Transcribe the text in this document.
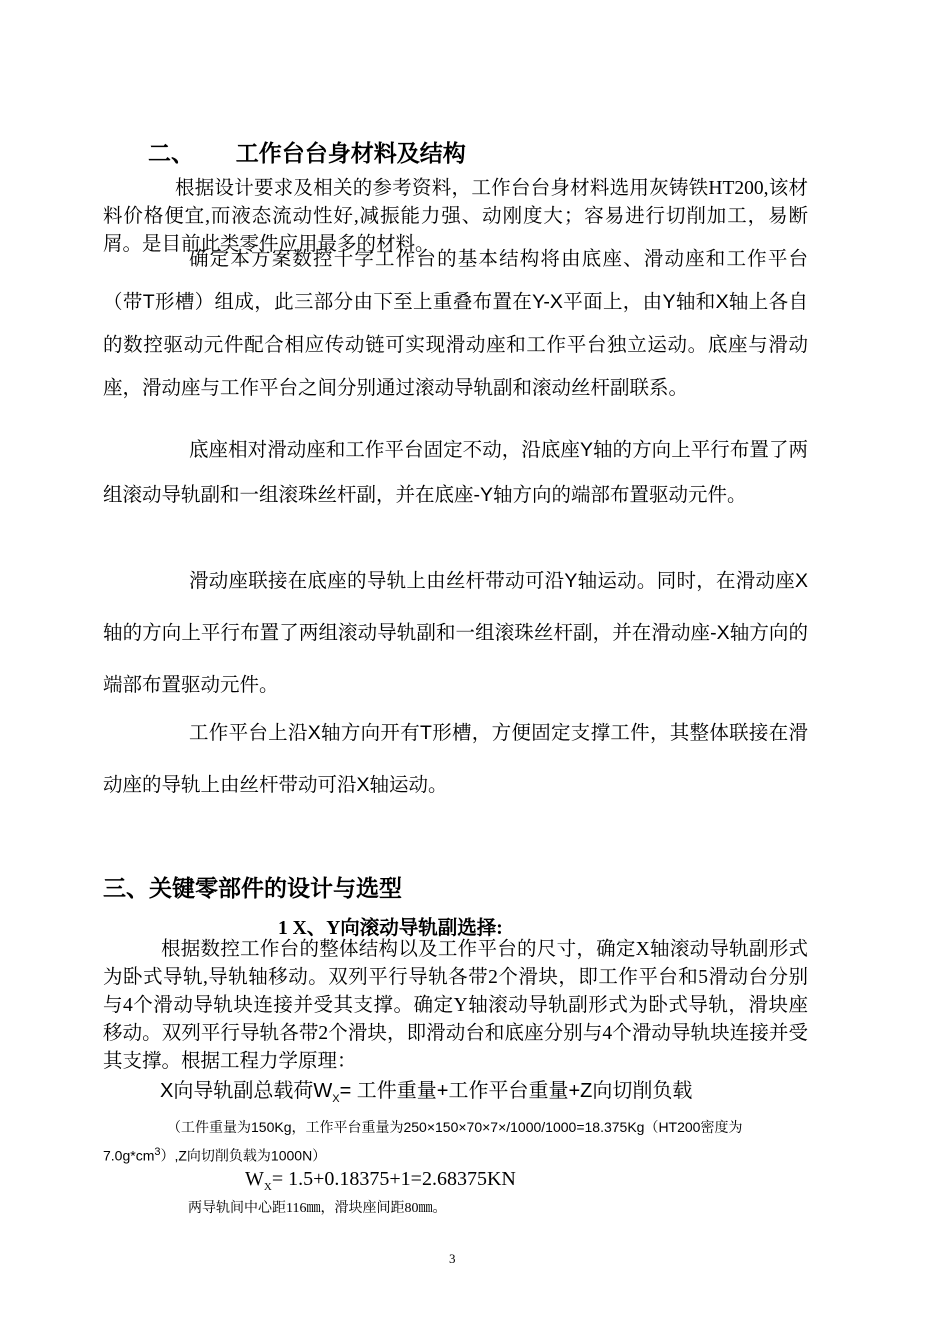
二、 工作台台身材料及结构

根据设计要求及相关的参考资料，工作台台身材料选用灰铸铁HT200,该材料价格便宜,而液态流动性好,减振能力强、动刚度大；容易进行切削加工，易断屑。是目前此类零件应用最多的材料。

确定本方案数控十字工作台的基本结构将由底座、滑动座和工作平台（带T形槽）组成，此三部分由下至上重叠布置在Y-X平面上，由Y轴和X轴上各自的数控驱动元件配合相应传动链可实现滑动座和工作平台独立运动。底座与滑动座，滑动座与工作平台之间分别通过滚动导轨副和滚动丝杆副联系。

底座相对滑动座和工作平台固定不动，沿底座Y轴的方向上平行布置了两组滚动导轨副和一组滚珠丝杆副，并在底座-Y轴方向的端部布置驱动元件。

滑动座联接在底座的导轨上由丝杆带动可沿Y轴运动。同时，在滑动座X轴的方向上平行布置了两组滚动导轨副和一组滚珠丝杆副，并在滑动座-X轴方向的端部布置驱动元件。

工作平台上沿X轴方向开有T形槽，方便固定支撑工件，其整体联接在滑动座的导轨上由丝杆带动可沿X轴运动。

三、关键零部件的设计与选型
1 X、Y向滚动导轨副选择:

根据数控工作台的整体结构以及工作平台的尺寸，确定X轴滚动导轨副形式为卧式导轨,导轨轴移动。双列平行导轨各带2个滑块，即工作平台和5滑动台分别与4个滑动导轨块连接并受其支撑。确定Y轴滚动导轨副形式为卧式导轨，滑块座移动。双列平行导轨各带2个滑块，即滑动台和底座分别与4个滑动导轨块连接并受其支撑。根据工程力学原理：

X向导轨副总载荷$W_X=$ 工件重量+工作平台重量+Z向切削负载

（工件重量为150Kg，工作平台重量为250×150×70×7×/1000/1000=18.375Kg（HT200密度为$7.0g*cm^3),Z$向切削负载为1000N）

$W_X= 1.5+0.18375+1=2.68375KN$
两导轨间中心距116㎜，滑块座间距80㎜。
3
